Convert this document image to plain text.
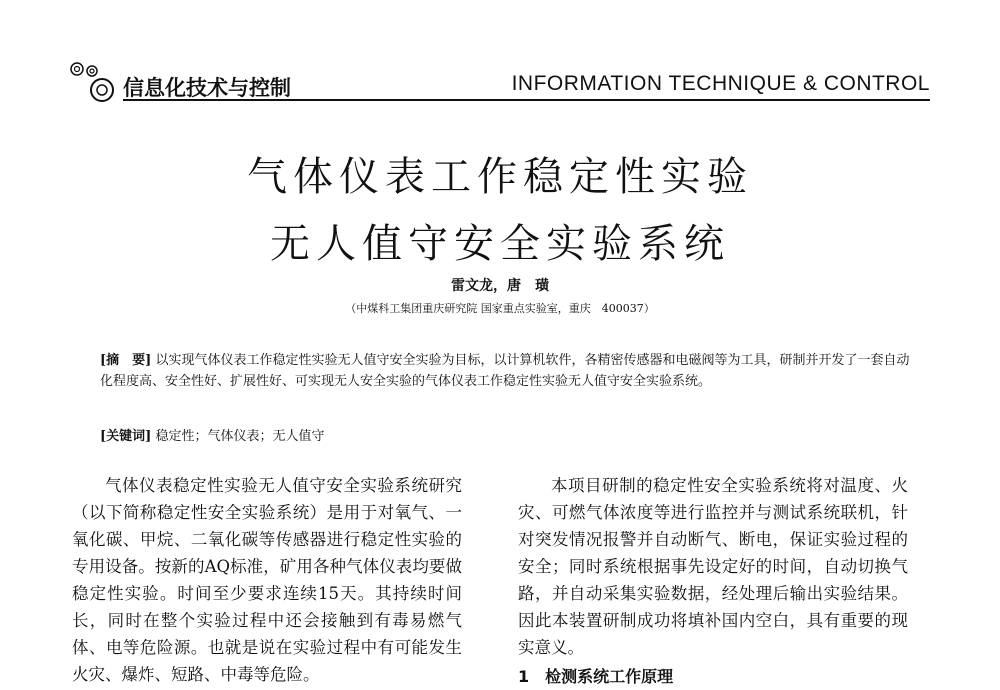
信息化技术与控制	INFORMATION TECHNIQUE & CONTROL
气体仪表工作稳定性实验
无人值守安全实验系统
雷文龙，唐　璜
（中煤科工集团重庆研究院 国家重点实验室，重庆　400037）
[摘　要] 以实现气体仪表工作稳定性实验无人值守安全实验为目标，以计算机软件，各精密传感器和电磁阀等为工具，研制并开发了一套自动化程度高、安全性好、扩展性好、可实现无人安全实验的气体仪表工作稳定性实验无人值守安全实验系统。
[关键词] 稳定性；气体仪表；无人值守

气体仪表稳定性实验无人值守安全实验系统研究（以下简称稳定性安全实验系统）是用于对氧气、一氧化碳、甲烷、二氧化碳等传感器进行稳定性实验的专用设备。按新的AQ标准，矿用各种气体仪表均要做稳定性实验。时间至少要求连续15天。其持续时间长，同时在整个实验过程中还会接触到有毒易燃气体、电等危险源。也就是说在实验过程中有可能发生火灾、爆炸、短路、中毒等危险。

本项目研制的稳定性安全实验系统将对温度、火灾、可燃气体浓度等进行监控并与测试系统联机，针对突发情况报警并自动断气、断电，保证实验过程的安全；同时系统根据事先设定好的时间，自动切换气路，并自动采集实验数据，经处理后输出实验结果。因此本装置研制成功将填补国内空白，具有重要的现实意义。

1　检测系统工作原理
